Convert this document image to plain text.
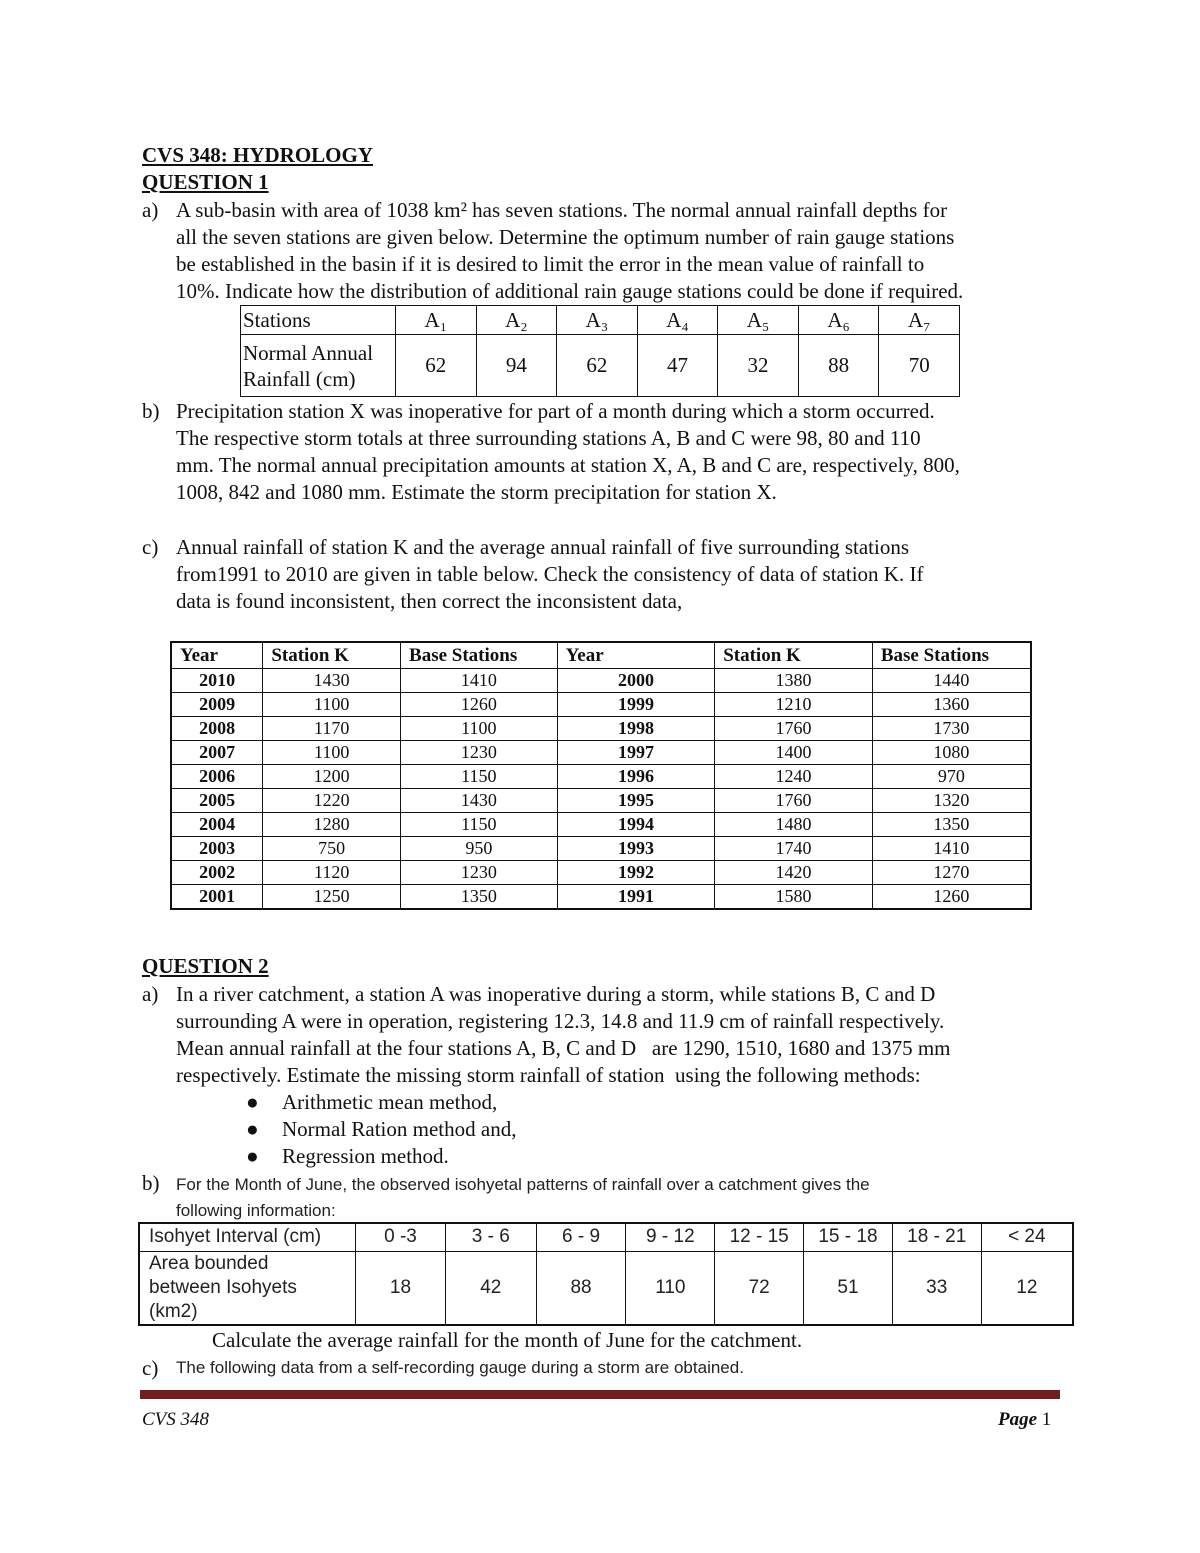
CVS 348: HYDROLOGY
QUESTION 1
a) A sub-basin with area of 1038 km² has seven stations. The normal annual rainfall depths for
all the seven stations are given below. Determine the optimum number of rain gauge stations
be established in the basin if it is desired to limit the error in the mean value of rainfall to
10%. Indicate how the distribution of additional rain gauge stations could be done if required.
Stations	A₁	A₂	A₃	A₄	A₅	A₆	A₇

Normal Annual
Rainfall (cm)	62	94	62	47	32	88	70
b) Precipitation station X was inoperative for part of a month during which a storm occurred.
The respective storm totals at three surrounding stations A, B and C were 98, 80 and 110
mm. The normal annual precipitation amounts at station X, A, B and C are, respectively, 800,
1008, 842 and 1080 mm. Estimate the storm precipitation for station X.
c) Annual rainfall of station K and the average annual rainfall of five surrounding stations
from1991 to 2010 are given in table below. Check the consistency of data of station K. If
data is found inconsistent, then correct the inconsistent data,
Year	Station K	Base Stations	Year	Station K	Base Stations
2010	1430	1410	2000	1380	1440
2009	1100	1260	1999	1210	1360
2008	1170	1100	1998	1760	1730
2007	1100	1230	1997	1400	1080
2006	1200	1150	1996	1240	970
2005	1220	1430	1995	1760	1320
2004	1280	1150	1994	1480	1350
2003	750	950	1993	1740	1410
2002	1120	1230	1992	1420	1270
2001	1250	1350	1991	1580	1260
QUESTION 2
a) In a river catchment, a station A was inoperative during a storm, while stations B, C and D
surrounding A were in operation, registering 12.3, 14.8 and 11.9 cm of rainfall respectively.
Mean annual rainfall at the four stations A, B, C and D   are 1290, 1510, 1680 and 1375 mm
respectively. Estimate the missing storm rainfall of station  using the following methods:
● Arithmetic mean method,
● Normal Ration method and,
● Regression method.
b) For the Month of June, the observed isohyetal patterns of rainfall over a catchment gives the
following information:
Isohyet Interval (cm)	0 -3	3 - 6	6 - 9	9 - 12	12 - 15	15 - 18	18 - 21	< 24

Area bounded
between Isohyets
(km2)	18	42	88	110	72	51	33	12
Calculate the average rainfall for the month of June for the catchment.
c) The following data from a self-recording gauge during a storm are obtained.
CVS 348	Page 1
